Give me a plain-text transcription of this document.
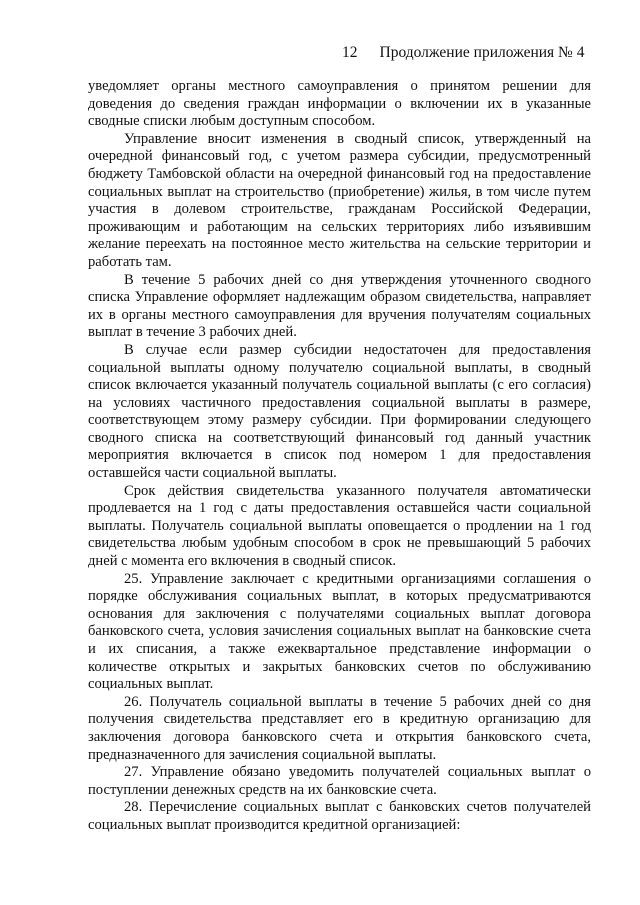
12 Продолжение приложения № 4

уведомляет органы местного самоуправления о принятом решении для доведения до сведения граждан информации о включении их в указанные сводные списки любым доступным способом.

Управление вносит изменения в сводный список, утвержденный на очередной финансовый год, с учетом размера субсидии, предусмотренный бюджету Тамбовской области на очередной финансовый год на предоставление социальных выплат на строительство (приобретение) жилья, в том числе путем участия в долевом строительстве, гражданам Российской Федерации, проживающим и работающим на сельских территориях либо изъявившим желание переехать на постоянное место жительства на сельские территории и работать там.

В течение 5 рабочих дней со дня утверждения уточненного сводного списка Управление оформляет надлежащим образом свидетельства, направляет их в органы местного самоуправления для вручения получателям социальных выплат в течение 3 рабочих дней.

В случае если размер субсидии недостаточен для предоставления социальной выплаты одному получателю социальной выплаты, в сводный список включается указанный получатель социальной выплаты (с его согласия) на условиях частичного предоставления социальной выплаты в размере, соответствующем этому размеру субсидии. При формировании следующего сводного списка на соответствующий финансовый год данный участник мероприятия включается в список под номером 1 для предоставления оставшейся части социальной выплаты.

Срок действия свидетельства указанного получателя автоматически продлевается на 1 год с даты предоставления оставшейся части социальной выплаты. Получатель социальной выплаты оповещается о продлении на 1 год свидетельства любым удобным способом в срок не превышающий 5 рабочих дней с момента его включения в сводный список.

25. Управление заключает с кредитными организациями соглашения о порядке обслуживания социальных выплат, в которых предусматриваются основания для заключения с получателями социальных выплат договора банковского счета, условия зачисления социальных выплат на банковские счета и их списания, а также ежеквартальное представление информации о количестве открытых и закрытых банковских счетов по обслуживанию социальных выплат.

26. Получатель социальной выплаты в течение 5 рабочих дней со дня получения свидетельства представляет его в кредитную организацию для заключения договора банковского счета и открытия банковского счета, предназначенного для зачисления социальной выплаты.

27. Управление обязано уведомить получателей социальных выплат о поступлении денежных средств на их банковские счета.

28. Перечисление социальных выплат с банковских счетов получателей социальных выплат производится кредитной организацией:
